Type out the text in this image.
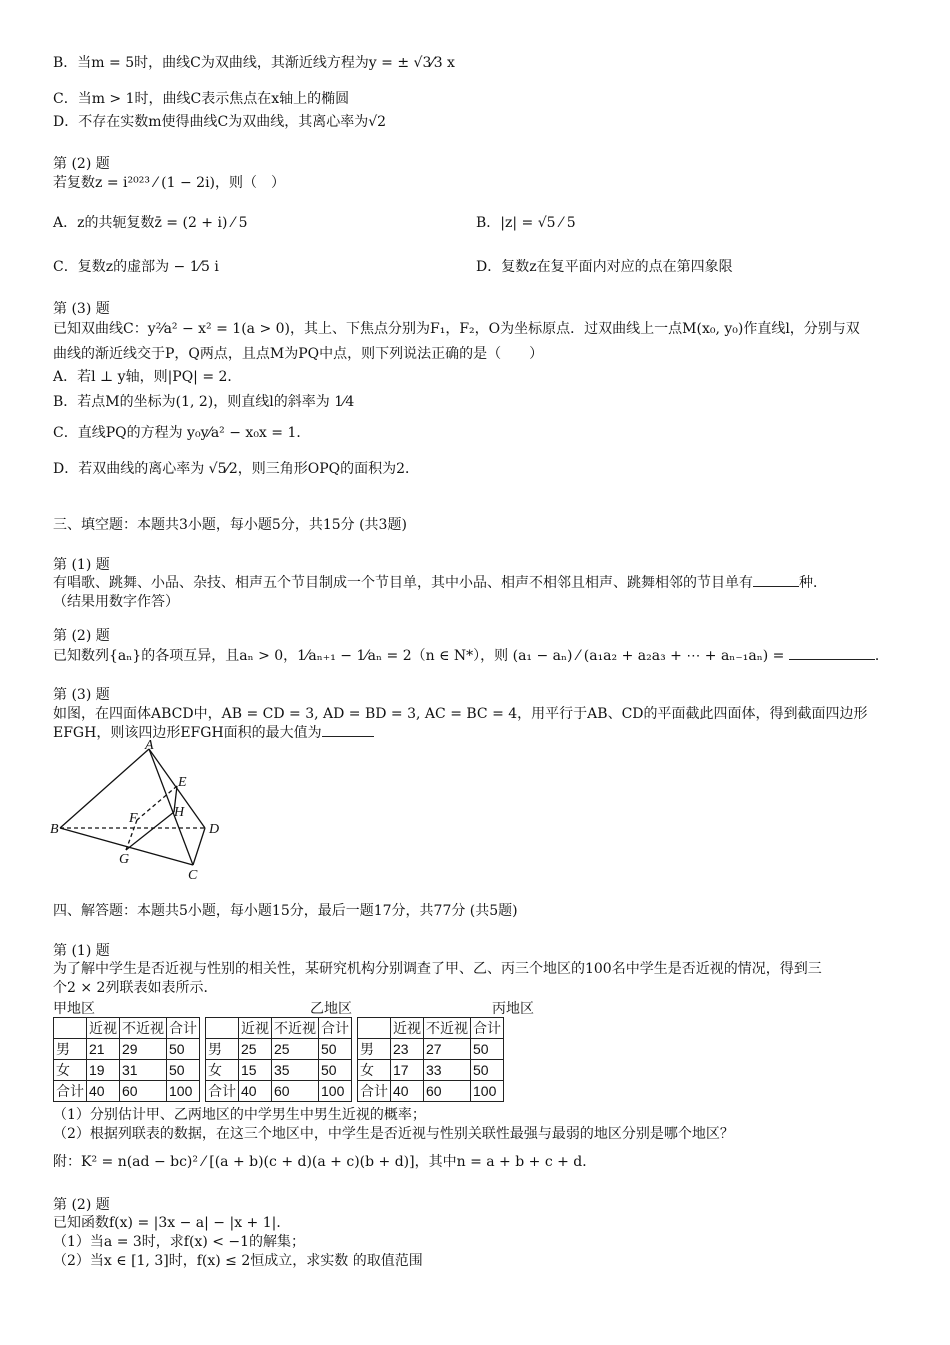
B．当m = 5时，曲线C为双曲线，其渐近线方程为y = ± √3⁄3 x
C．当m > 1时，曲线C表示焦点在x轴上的椭圆
D．不存在实数m使得曲线C为双曲线，其离心率为√2
第 (2) 题
若复数z = i²⁰²³ ⁄ (1 − 2i)，则（　）
A．z的共轭复数z̄ = (2 + i) ⁄ 5	B．|z| = √5 ⁄ 5
C．复数z的虚部为 − 1⁄5 i	D．复数z在复平面内对应的点在第四象限
第 (3) 题
已知双曲线C：y²⁄a² − x² = 1(a > 0)，其上、下焦点分别为F₁，F₂，O为坐标原点．过双曲线上一点M(x₀, y₀)作直线l，分别与双
曲线的渐近线交于P，Q两点，且点M为PQ中点，则下列说法正确的是（　　）
A．若l ⊥ y轴，则|PQ| = 2．
B．若点M的坐标为(1, 2)，则直线l的斜率为 1⁄4
C．直线PQ的方程为 y₀y⁄a² − x₀x = 1．
D．若双曲线的离心率为 √5⁄2，则三角形OPQ的面积为2．
三、填空题：本题共3小题，每小题5分，共15分 (共3题)
第 (1) 题
有唱歌、跳舞、小品、杂技、相声五个节目制成一个节目单，其中小品、相声不相邻且相声、跳舞相邻的节目单有	种．
（结果用数字作答）
第 (2) 题
已知数列{aₙ}的各项互异，且aₙ > 0，1⁄aₙ₊₁ − 1⁄aₙ = 2（n ∈ N*），则 (a₁ − aₙ) ⁄ (a₁a₂ + a₂a₃ + ⋯ + aₙ₋₁aₙ) =	．
第 (3) 题
如图，在四面体ABCD中，AB = CD = 3, AD = BD = 3, AC = BC = 4，用平行于AB、CD的平面截此四面体，得到截面四边形
EFGH，则该四边形EFGH面积的最大值为
A
B
C
D
E
F
G
H
四、解答题：本题共5小题，每小题15分，最后一题17分，共77分 (共5题)
第 (1) 题
为了解中学生是否近视与性别的相关性，某研究机构分别调查了甲、乙、丙三个地区的100名中学生是否近视的情况，得到三
个2 × 2列联表如表所示．
甲地区	乙地区	丙地区
	近视	不近视	合计
男	21	29	50
女	19	31	50
合计	40	60	100
	近视	不近视	合计
男	25	25	50
女	15	35	50
合计	40	60	100
	近视	不近视	合计
男	23	27	50
女	17	33	50
合计	40	60	100
（1）分别估计甲、乙两地区的中学男生中男生近视的概率；
（2）根据列联表的数据，在这三个地区中，中学生是否近视与性别关联性最强与最弱的地区分别是哪个地区？
附：K² = n(ad − bc)² ⁄ [(a + b)(c + d)(a + c)(b + d)]，其中n = a + b + c + d．
第 (2) 题
已知函数f(x) = |3x − a| − |x + 1|．
（1）当a = 3时，求f(x) < −1的解集；
（2）当x ∈ [1, 3]时，f(x) ≤ 2恒成立，求实数 的取值范围
